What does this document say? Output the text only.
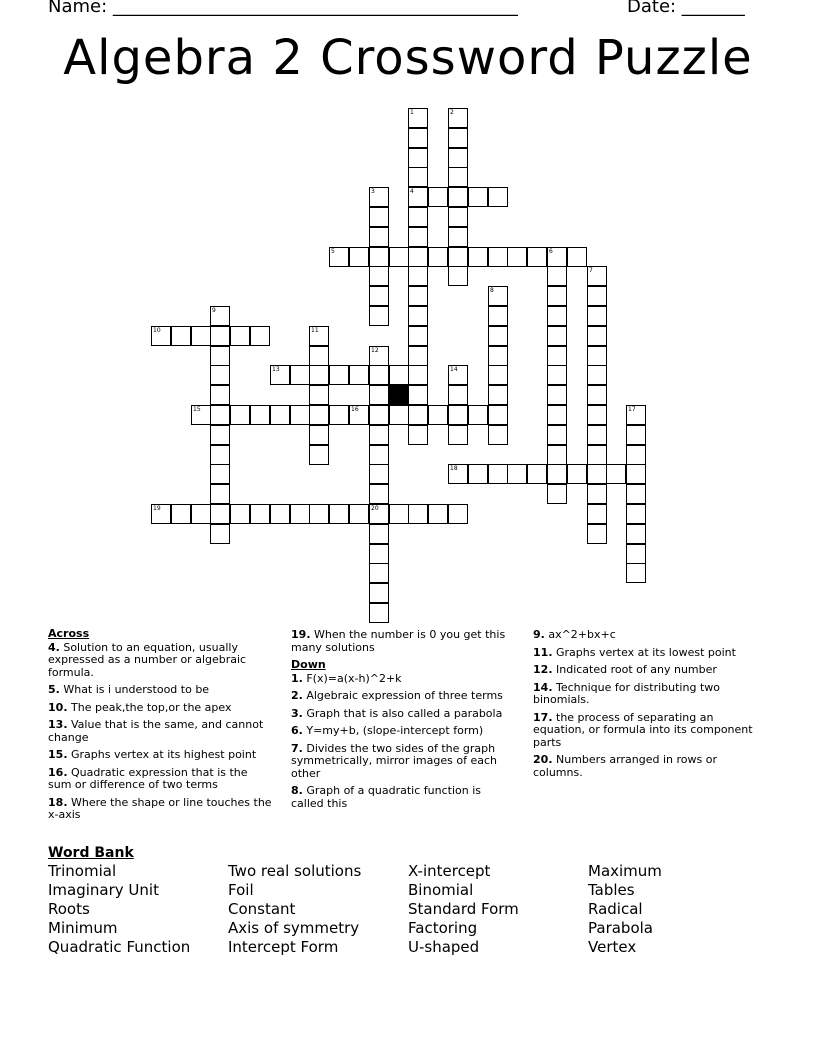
Name: _____________________________________________	Date: _______
Algebra 2 Crossword Puzzle
1
4
2
3
6
7
8
9
11
12
20
14
17
5
10
13
15	16
18
19
Across
4. Solution to an equation, usually expressed as a number or algebraic formula.
5. What is i understood to be
10. The peak,the top,or the apex
13. Value that is the same, and cannot change
15. Graphs vertex at its highest point
16. Quadratic expression that is the sum or difference of two terms
18. Where the shape or line touches the x-axis
19. When the number is 0 you get this many solutions
Down
1. F(x)=a(x-h)^2+k
2. Algebraic expression of three terms
3. Graph that is also called a parabola
6. Y=my+b, (slope-intercept form)
7. Divides the two sides of the graph symmetrically, mirror images of each other
8. Graph of a quadratic function is called this
9. ax^2+bx+c
11. Graphs vertex at its lowest point
12. Indicated root of any number
14. Technique for distributing two binomials.
17. the process of separating an equation, or formula into its component parts
20. Numbers arranged in rows or columns.
Word Bank
Trinomial
Imaginary Unit
Roots
Minimum
Quadratic Function
Two real solutions
Foil
Constant
Axis of symmetry
Intercept Form
X-intercept
Binomial
Standard Form
Factoring
U-shaped
Maximum
Tables
Radical
Parabola
Vertex
